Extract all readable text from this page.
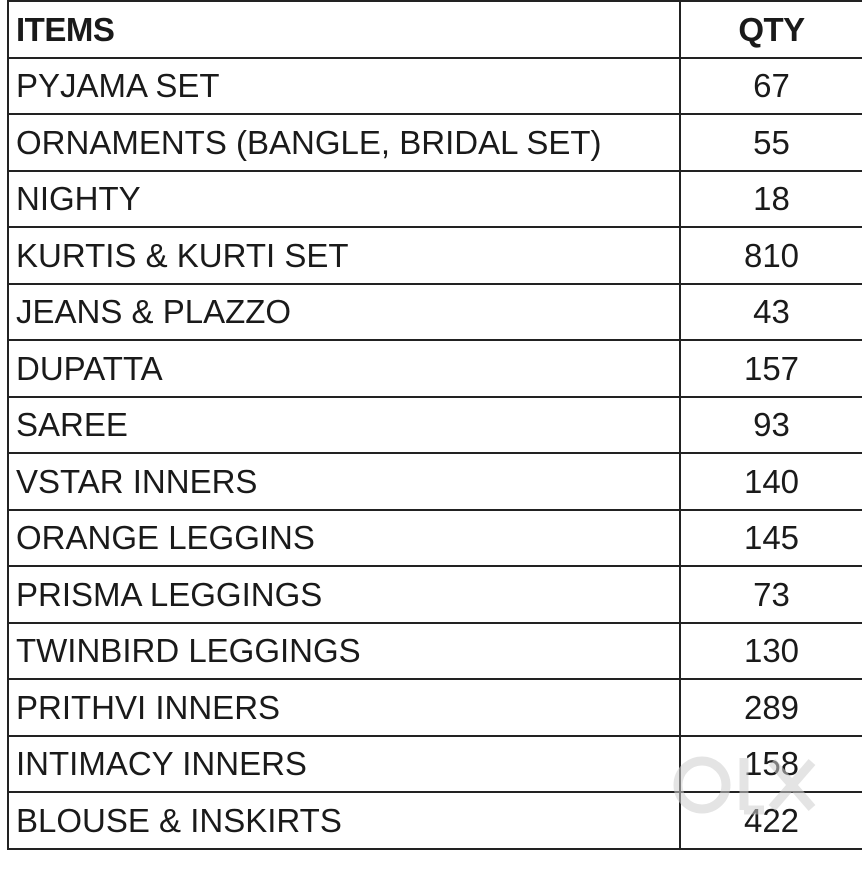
ITEMS	QTY
PYJAMA SET	67
ORNAMENTS (BANGLE, BRIDAL SET)	55
NIGHTY	18
KURTIS & KURTI SET	810
JEANS & PLAZZO	43
DUPATTA	157
SAREE	93
VSTAR INNERS	140
ORANGE LEGGINS	145
PRISMA LEGGINGS	73
TWINBIRD LEGGINGS	130
PRITHVI INNERS	289
INTIMACY INNERS	158
BLOUSE & INSKIRTS	422
